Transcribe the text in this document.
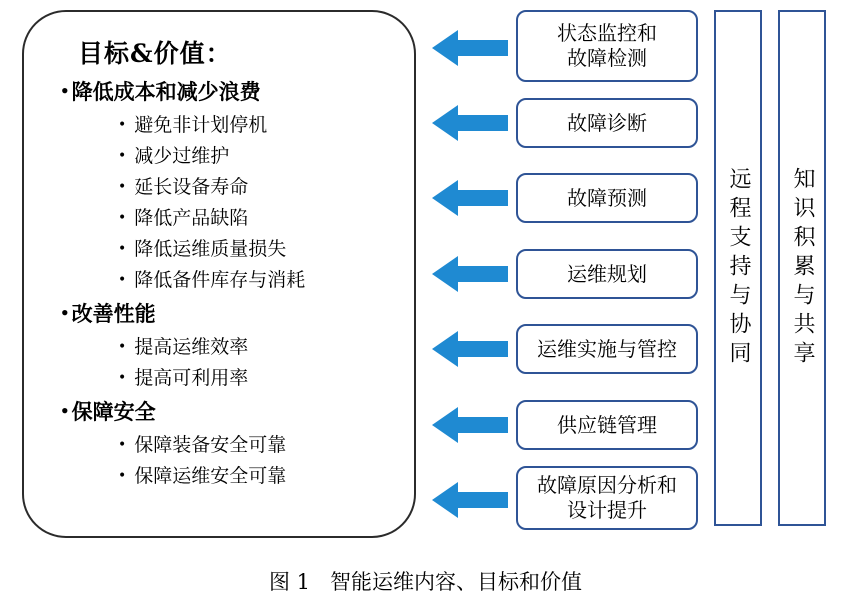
目标&价值：
•降低成本和减少浪费
• 避免非计划停机
• 减少过维护
• 延长设备寿命
• 降低产品缺陷
• 降低运维质量损失
• 降低备件库存与消耗
•改善性能
• 提高运维效率
• 提高可利用率
•保障安全
• 保障装备安全可靠
• 保障运维安全可靠
状态监控和
故障检测
故障诊断
故障预测
运维规划
运维实施与管控
供应链管理
故障原因分析和
设计提升
远程支持与协同 知识积累与共享
图 1 智能运维内容、目标和价值
